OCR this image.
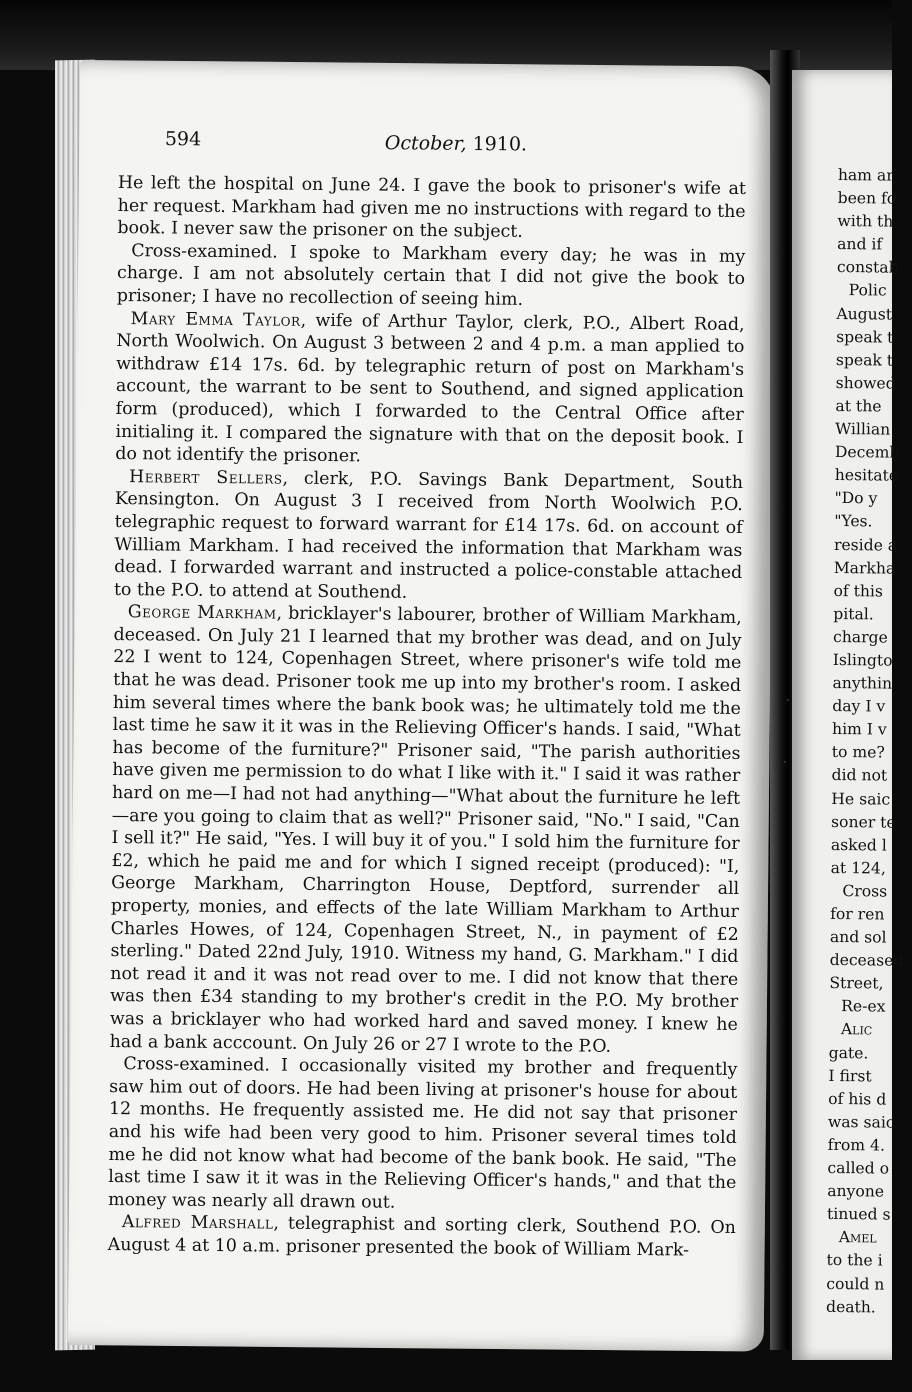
594	October, 1910.

He left the hospital on June 24. I gave the book to prisoner's wife at her request. Markham had given me no instructions with regard to the book. I never saw the prisoner on the subject.

Cross-examined. I spoke to Markham every day; he was in my charge. I am not absolutely certain that I did not give the book to prisoner; I have no recollection of seeing him.

Mary Emma Taylor, wife of Arthur Taylor, clerk, P.O., Albert Road, North Woolwich. On August 3 between 2 and 4 p.m. a man applied to withdraw £14 17s. 6d. by telegraphic return of post on Markham's account, the warrant to be sent to Southend, and signed application form (produced), which I forwarded to the Central Office after initialing it. I compared the signature with that on the deposit book. I do not identify the prisoner.

Herbert Sellers, clerk, P.O. Savings Bank Department, South Kensington. On August 3 I received from North Woolwich P.O. telegraphic request to forward warrant for £14 17s. 6d. on account of William Markham. I had received the information that Markham was dead. I forwarded warrant and instructed a police-constable attached to the P.O. to attend at Southend.

George Markham, bricklayer's labourer, brother of William Markham, deceased. On July 21 I learned that my brother was dead, and on July 22 I went to 124, Copenhagen Street, where prisoner's wife told me that he was dead. Prisoner took me up into my brother's room. I asked him several times where the bank book was; he ultimately told me the last time he saw it it was in the Relieving Officer's hands. I said, "What has become of the furniture?" Prisoner said, "The parish authorities have given me permission to do what I like with it." I said it was rather hard on me—I had not had anything—"What about the furniture he left—are you going to claim that as well?" Prisoner said, "No." I said, "Can I sell it?" He said, "Yes. I will buy it of you." I sold him the furniture for £2, which he paid me and for which I signed receipt (produced): "I, George Markham, Charrington House, Deptford, surrender all property, monies, and effects of the late William Markham to Arthur Charles Howes, of 124, Copenhagen Street, N., in payment of £2 sterling." Dated 22nd July, 1910. Witness my hand, G. Markham." I did not read it and it was not read over to me. I did not know that there was then £34 standing to my brother's credit in the P.O. My brother was a bricklayer who had worked hard and saved money. I knew he had a bank acccount. On July 26 or 27 I wrote to the P.O.

Cross-examined. I occasionally visited my brother and frequently saw him out of doors. He had been living at prisoner's house for about 12 months. He frequently assisted me. He did not say that prisoner and his wife had been very good to him. Prisoner several times told me he did not know what had become of the bank book. He said, "The last time I saw it it was in the Relieving Officer's hands," and that the money was nearly all drawn out.

Alfred Marshall, telegraphist and sorting clerk, Southend P.O. On August 4 at 10 a.m. prisoner presented the book of William Mark-

ham ar
been fo
with th
and if
constab
Polic
August
speak t
speak t
showed
at the
Willian
Decemb
hesitate
"Do y
"Yes.
reside a
Markha
of this
pital.
charge
Islingto
anythin
day I v
him I v
to me?
did not
He saic
soner te
asked l
at 124,
Cross
for ren
and sol
deceased
Street,
Re-ex
Alic
gate.
I first
of his d
was saic
from 4.
called o
anyone
tinued s
Amel
to the i
could n
death.
·
·
